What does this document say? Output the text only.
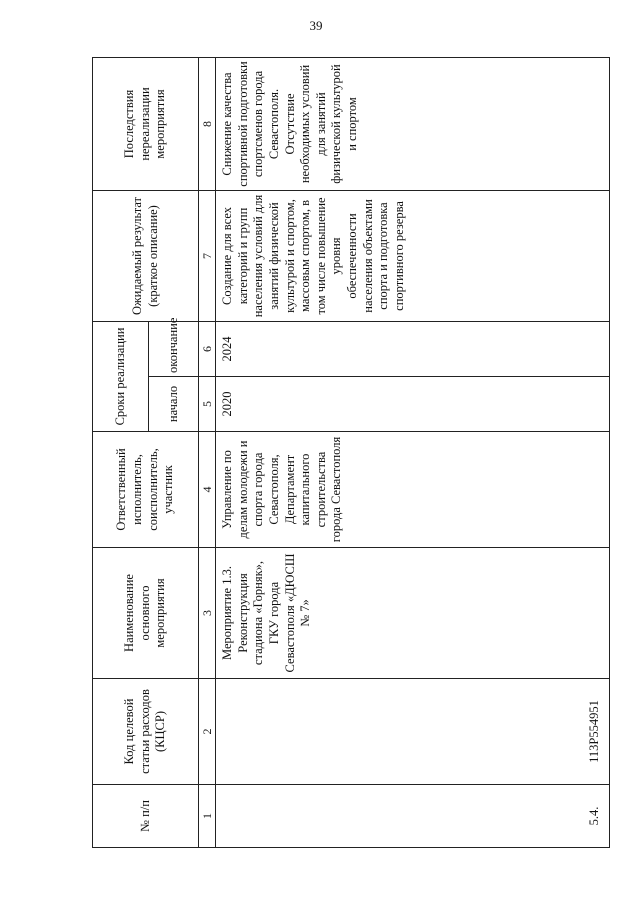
39
№ п/п	Код целевой статьи расходов (КЦСР)	Наименование основного мероприятия	Ответственный исполнитель, соисполнитель, участник	Сроки реализации		Ожидаемый результат (краткое описание)	Последствия нереализации мероприятия
				начало	окончание		
1	2	3	4	5	6	7	8
5.4.	113P554951	Мероприятие 1.3. Реконструкция стадиона «Горняк», ГКУ города Севастополя «ДЮСШ № 7»	Управление по делам молодежи и спорта города Севастополя, Департамент капитального строительства города Севастополя	2020	2024	Создание для всех категорий и групп населения условий для занятий физической культурой и спортом, массовым спортом, в том числе повышение уровня обеспеченности населения объектами спорта и подготовка спортивного резерва	Снижение качества спортивной подготовки спортсменов города Севастополя. Отсутствие необходимых условий для занятий физической культурой и спортом
